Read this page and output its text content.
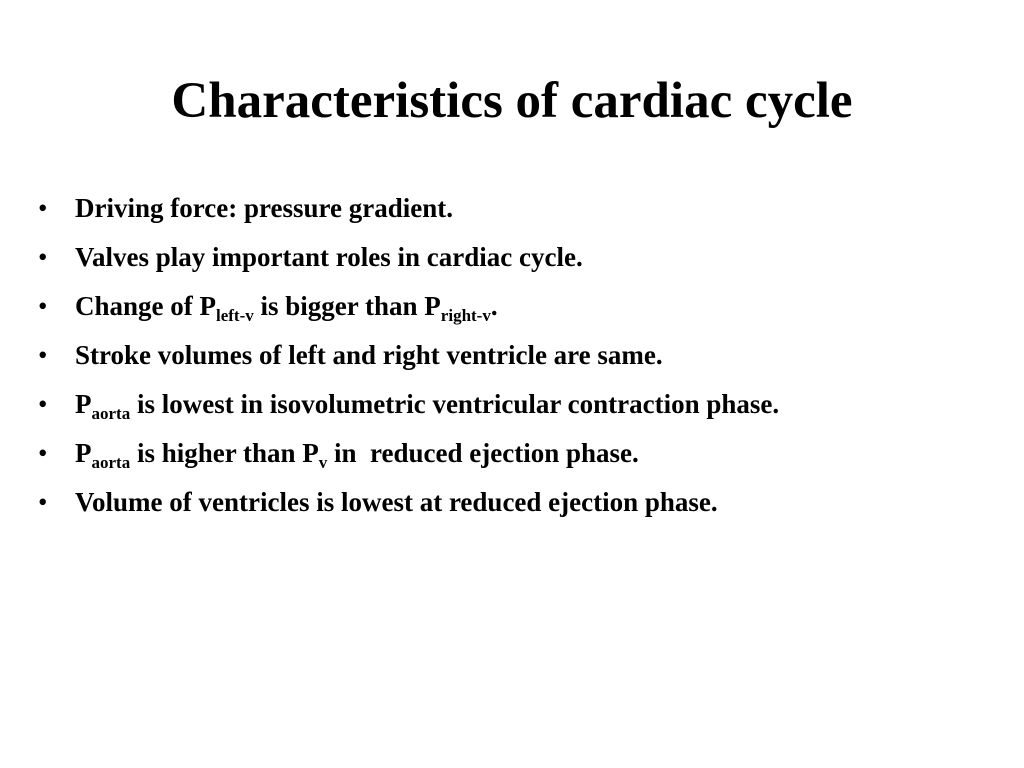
Characteristics of cardiac cycle
• Driving force: pressure gradient.
• Valves play important roles in cardiac cycle.
• Change of $P_{left-v}$ is bigger than $P_{right-v}$.
• Stroke volumes of left and right ventricle are same.
• $P_{aorta}$ is lowest in isovolumetric ventricular contraction phase.
• $P_{aorta}$ is higher than $P_v$ in  reduced ejection phase.
• Volume of ventricles is lowest at reduced ejection phase.
